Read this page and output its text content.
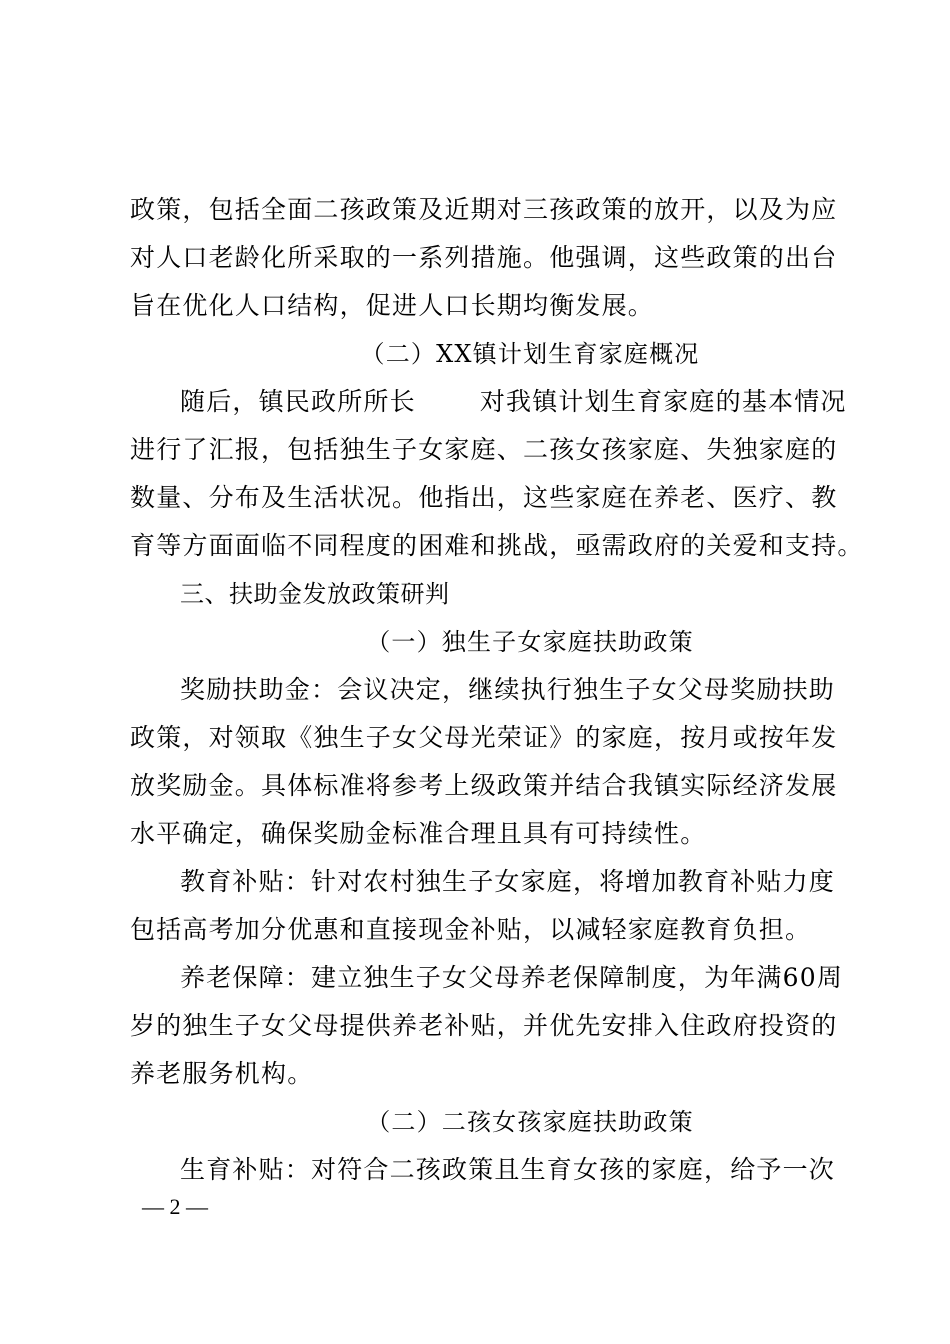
政策，包括全面二孩政策及近期对三孩政策的放开，以及为应
对人口老龄化所采取的一系列措施。他强调，这些政策的出台
旨在优化人口结构，促进人口长期均衡发展。
（二）XX镇计划生育家庭概况
随后，镇民政所所长	对我镇计划生育家庭的基本情况
进行了汇报，包括独生子女家庭、二孩女孩家庭、失独家庭的
数量、分布及生活状况。他指出，这些家庭在养老、医疗、教
育等方面面临不同程度的困难和挑战，亟需政府的关爱和支持。
三、扶助金发放政策研判
（一）独生子女家庭扶助政策
奖励扶助金：会议决定，继续执行独生子女父母奖励扶助
政策，对领取《独生子女父母光荣证》的家庭，按月或按年发
放奖励金。具体标准将参考上级政策并结合我镇实际经济发展
水平确定，确保奖励金标准合理且具有可持续性。
教育补贴：针对农村独生子女家庭，将增加教育补贴力度
包括高考加分优惠和直接现金补贴，以减轻家庭教育负担。
养老保障：建立独生子女父母养老保障制度，为年满60周
岁的独生子女父母提供养老补贴，并优先安排入住政府投资的
养老服务机构。
（二）二孩女孩家庭扶助政策
生育补贴：对符合二孩政策且生育女孩的家庭，给予一次
— 2 —
